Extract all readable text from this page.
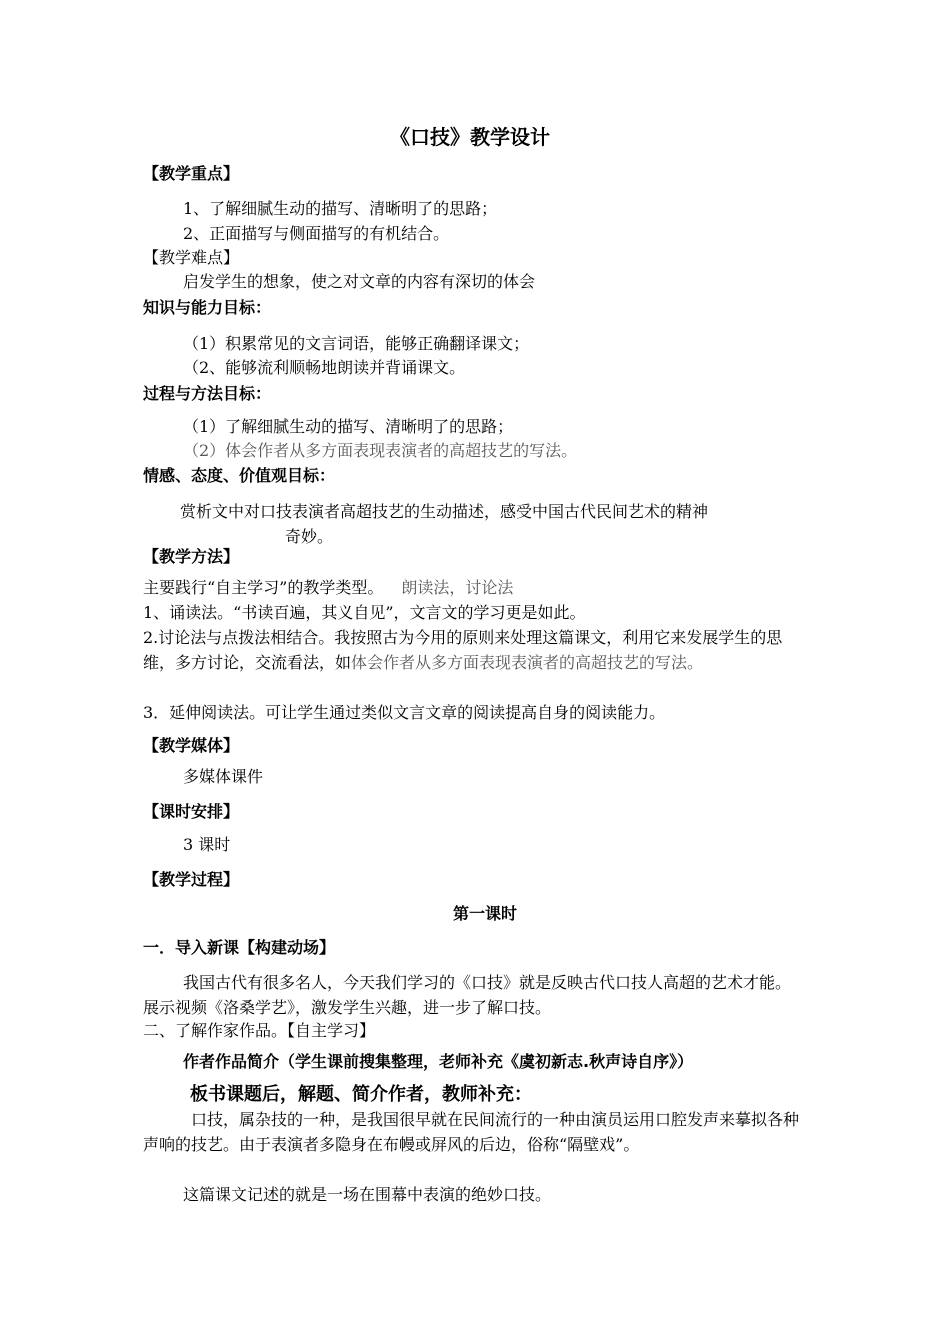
《口技》教学设计
【教学重点】
1、了解细腻生动的描写、清晰明了的思路；
2、正面描写与侧面描写的有机结合。
【教学难点】
启发学生的想象，使之对文章的内容有深切的体会
知识与能力目标：
（1）积累常见的文言词语，能够正确翻译课文；
（2、能够流利顺畅地朗读并背诵课文。
过程与方法目标：
（1）了解细腻生动的描写、清晰明了的思路；
（2）体会作者从多方面表现表演者的高超技艺的写法。
情感、态度、价值观目标：
赏析文中对口技表演者高超技艺的生动描述，感受中国古代民间艺术的精神
奇妙。
【教学方法】
主要践行“自主学习”的教学类型。 朗读法，讨论法
1、诵读法。“书读百遍，其义自见”，文言文的学习更是如此。
2.讨论法与点拨法相结合。我按照古为今用的原则来处理这篇课文，利用它来发展学生的思维，多方讨论，交流看法，如体会作者从多方面表现表演者的高超技艺的写法。
3．延伸阅读法。可让学生通过类似文言文章的阅读提高自身的阅读能力。
【教学媒体】
多媒体课件
【课时安排】
3 课时
【教学过程】
第一课时
一．导入新课【构建动场】
我国古代有很多名人，今天我们学习的《口技》就是反映古代口技人高超的艺术才能。　展示视频《洛桑学艺》，激发学生兴趣，进一步了解口技。
二、了解作家作品。【自主学习】
作者作品简介（学生课前搜集整理，老师补充《虞初新志.秋声诗自序》）
板书课题后，解题、简介作者，教师补充：
口技，属杂技的一种，是我国很早就在民间流行的一种由演员运用口腔发声来摹拟各种声响的技艺。由于表演者多隐身在布幔或屏风的后边，俗称“隔壁戏”。
这篇课文记述的就是一场在围幕中表演的绝妙口技。
